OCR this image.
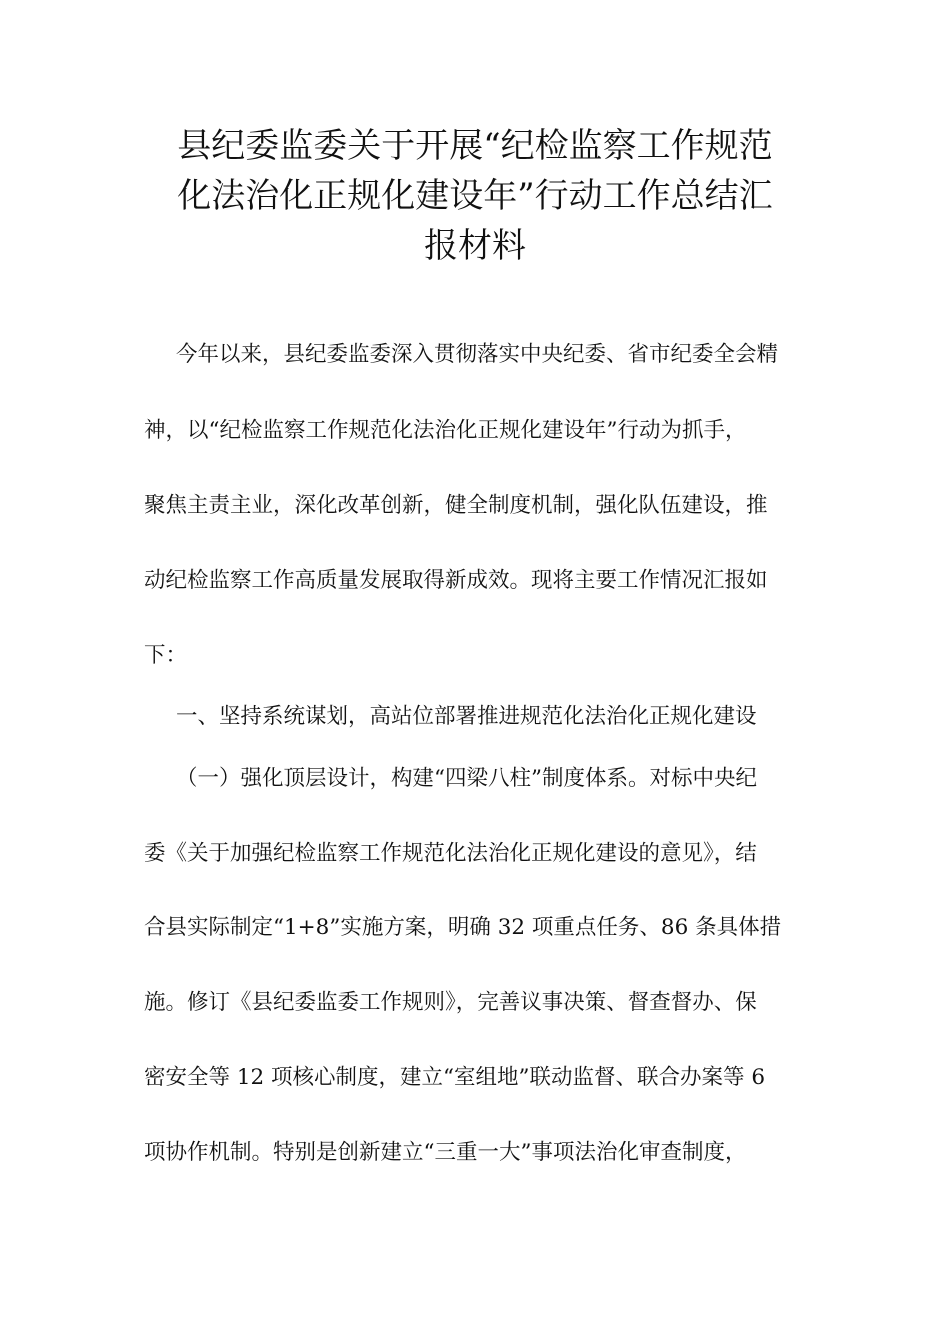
县纪委监委关于开展“纪检监察工作规范
化法治化正规化建设年”行动工作总结汇
报材料
今年以来，县纪委监委深入贯彻落实中央纪委、省市纪委全会精
神，以“纪检监察工作规范化法治化正规化建设年”行动为抓手，
聚焦主责主业，深化改革创新，健全制度机制，强化队伍建设，推
动纪检监察工作高质量发展取得新成效。现将主要工作情况汇报如
下：
一、坚持系统谋划，高站位部署推进规范化法治化正规化建设
（一）强化顶层设计，构建“四梁八柱”制度体系。对标中央纪
委《关于加强纪检监察工作规范化法治化正规化建设的意见》，结
合县实际制定“1+8”实施方案，明确 32 项重点任务、86 条具体措
施。修订《县纪委监委工作规则》，完善议事决策、督查督办、保
密安全等 12 项核心制度，建立“室组地”联动监督、联合办案等 6
项协作机制。特别是创新建立“三重一大”事项法治化审查制度，
